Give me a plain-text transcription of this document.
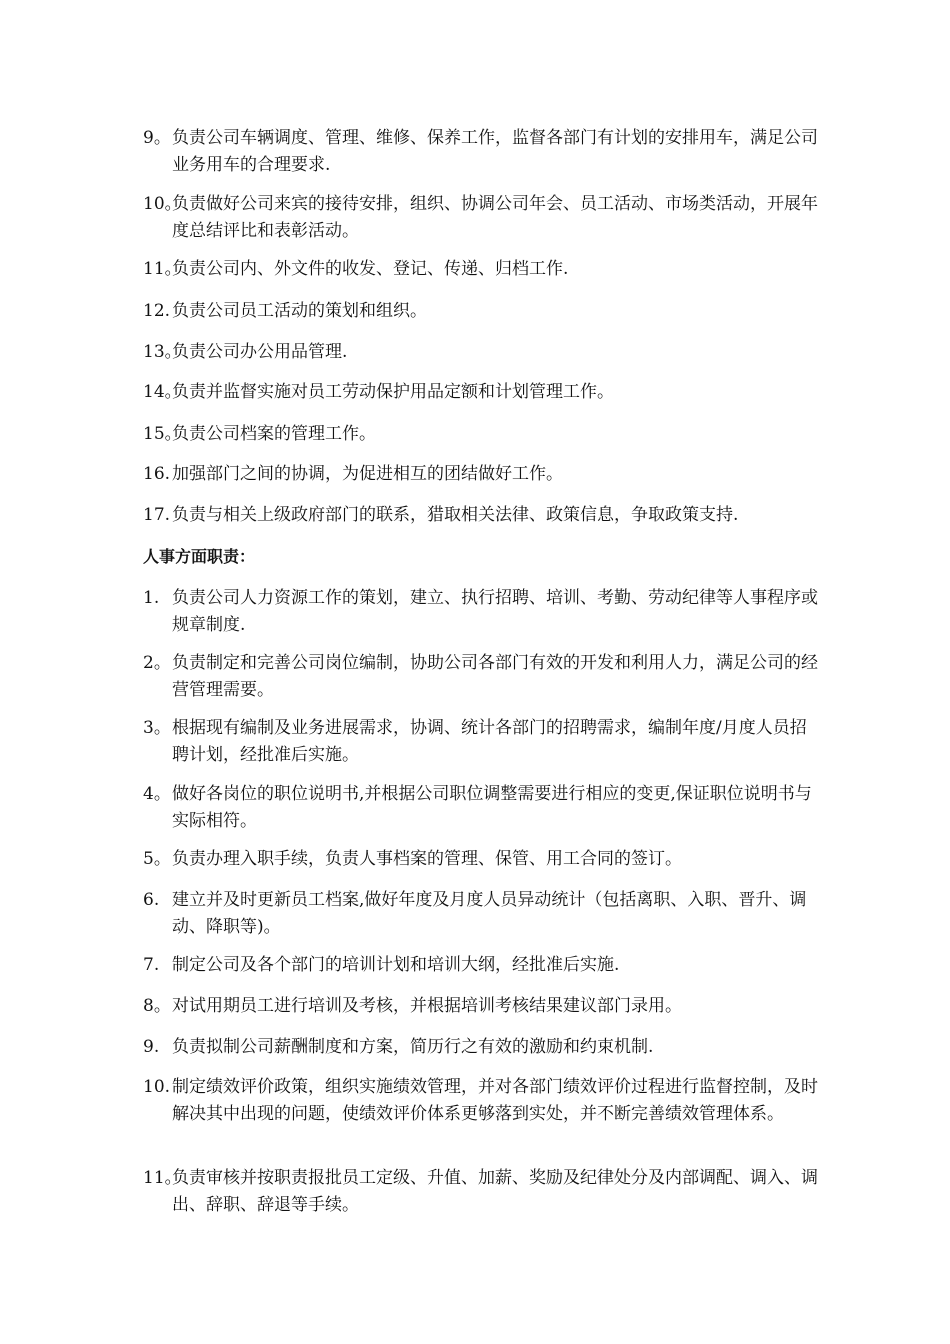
9。 负责公司车辆调度、管理、维修、保养工作，监督各部门有计划的安排用车，满足公司业务用车的合理要求.
10。
负责做好公司来宾的接待安排，组织、协调公司年会、员工活动、市场类活动，开展年度总结评比和表彰活动。
11。
负责公司内、外文件的收发、登记、传递、归档工作.
12. 负责公司员工活动的策划和组织。
13。
负责公司办公用品管理.
14。
负责并监督实施对员工劳动保护用品定额和计划管理工作。
15。
负责公司档案的管理工作。
16. 加强部门之间的协调，为促进相互的团结做好工作。
17. 负责与相关上级政府部门的联系，猎取相关法律、政策信息，争取政策支持.
人事方面职责：
1. 负责公司人力资源工作的策划，建立、执行招聘、培训、考勤、劳动纪律等人事程序或规章制度.
2。 负责制定和完善公司岗位编制，协助公司各部门有效的开发和利用人力，满足公司的经营管理需要。
3。 根据现有编制及业务进展需求，协调、统计各部门的招聘需求，编制年度/月度人员招聘计划，经批准后实施。
4。 做好各岗位的职位说明书,并根据公司职位调整需要进行相应的变更,保证职位说明书与实际相符。
5。 负责办理入职手续，负责人事档案的管理、保管、用工合同的签订。
6. 建立并及时更新员工档案,做好年度及月度人员异动统计（包括离职、入职、晋升、调动、降职等)。
7. 制定公司及各个部门的培训计划和培训大纲，经批准后实施.
8。 对试用期员工进行培训及考核，并根据培训考核结果建议部门录用。
9. 负责拟制公司薪酬制度和方案，简历行之有效的激励和约束机制.
10. 制定绩效评价政策，组织实施绩效管理，并对各部门绩效评价过程进行监督控制，及时解决其中出现的问题，使绩效评价体系更够落到实处，并不断完善绩效管理体系。
11。
负责审核并按职责报批员工定级、升值、加薪、奖励及纪律处分及内部调配、调入、调出、辞职、辞退等手续。
